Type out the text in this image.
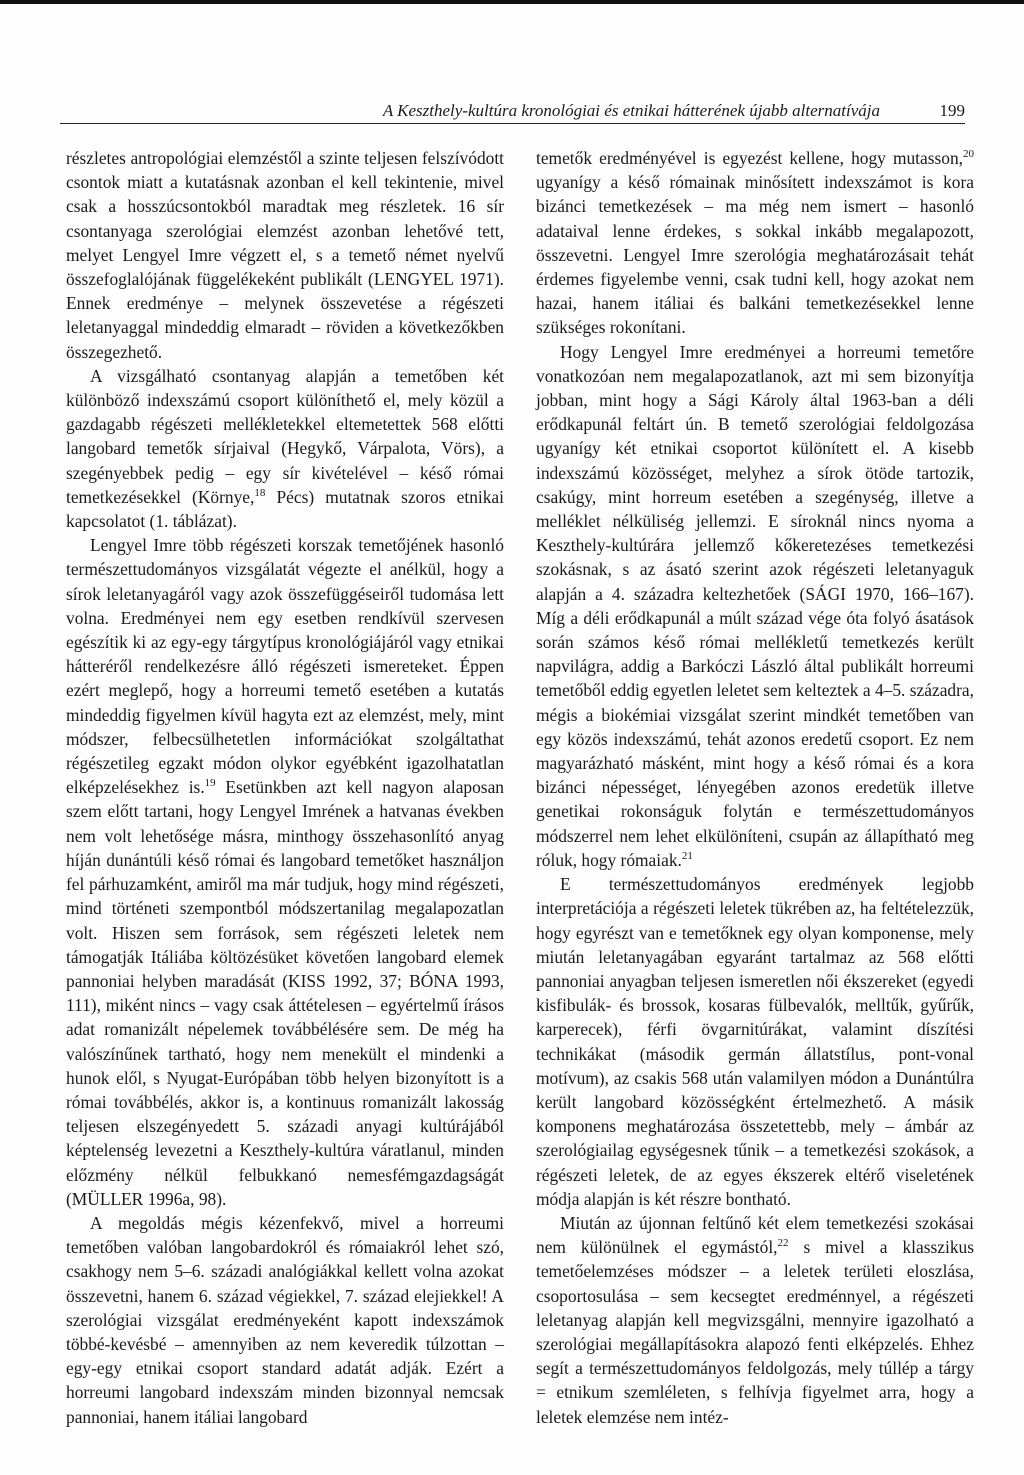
A Keszthely-kultúra kronológiai és etnikai hátterének újabb alternatívája	199

részletes antropológiai elemzéstől a szinte teljesen felszívódott csontok miatt a kutatásnak azonban el kell tekintenie, mivel csak a hosszúcsontokból maradtak meg részletek. 16 sír csontanyaga szerológiai elemzést azonban lehetővé tett, melyet Lengyel Imre végzett el, s a temető német nyelvű összefoglalójának függelékeként publikált (LENGYEL 1971). Ennek eredménye – melynek összevetése a régészeti leletanyaggal mindeddig elmaradt – röviden a következőkben összegezhető.

A vizsgálható csontanyag alapján a temetőben két különböző indexszámú csoport különíthető el, mely közül a gazdagabb régészeti mellékletekkel eltemetettek 568 előtti langobard temetők sírjaival (Hegykő, Várpalota, Vörs), a szegényebbek pedig – egy sír kivételével – késő római temetkezésekkel (Környe,$^{18}$ Pécs) mutatnak szoros etnikai kapcsolatot (1. táblázat).

Lengyel Imre több régészeti korszak temetőjének hasonló természettudományos vizsgálatát végezte el anélkül, hogy a sírok leletanyagáról vagy azok összefüggéseiről tudomása lett volna. Eredményei nem egy esetben rendkívül szervesen egészítik ki az egy-egy tárgytípus kronológiájáról vagy etnikai hátteréről rendelkezésre álló régészeti ismereteket. Éppen ezért meglepő, hogy a horreumi temető esetében a kutatás mindeddig figyelmen kívül hagyta ezt az elemzést, mely, mint módszer, felbecsülhetetlen információkat szolgáltathat régészetileg egzakt módon olykor egyébként igazolhatatlan elképzelésekhez is.$^{19}$ Esetünkben azt kell nagyon alaposan szem előtt tartani, hogy Lengyel Imrének a hatvanas években nem volt lehetősége másra, minthogy összehasonlító anyag híján dunántúli késő római és langobard temetőket használjon fel párhuzamként, amiről ma már tudjuk, hogy mind régészeti, mind történeti szempontból módszertanilag megalapozatlan volt. Hiszen sem források, sem régészeti leletek nem támogatják Itáliába költözésüket követően langobard elemek pannoniai helyben maradását (KISS 1992, 37; BÓNA 1993, 111), miként nincs – vagy csak áttételesen – egyértelmű írásos adat romanizált népelemek továbbélésére sem. De még ha valószínűnek tartható, hogy nem menekült el mindenki a hunok elől, s Nyugat-Európában több helyen bizonyított is a római továbbélés, akkor is, a kontinuus romanizált lakosság teljesen elszegényedett 5. századi anyagi kultúrájából képtelenség levezetni a Keszthely-kultúra váratlanul, minden előzmény nélkül felbukkanó nemesfémgazdagságát (MÜLLER 1996a, 98).

A megoldás mégis kézenfekvő, mivel a horreumi temetőben valóban langobardokról és rómaiakról lehet szó, csakhogy nem 5–6. századi analógiákkal kellett volna azokat összevetni, hanem 6. század végiekkel, 7. század elejiekkel! A szerológiai vizsgálat eredményeként kapott indexszámok többé-kevésbé – amennyiben az nem keveredik túlzottan – egy-egy etnikai csoport standard adatát adják. Ezért a horreumi langobard indexszám minden bizonnyal nemcsak pannoniai, hanem itáliai langobard

temetők eredményével is egyezést kellene, hogy mutasson,$^{20}$ ugyanígy a késő rómainak minősített indexszámot is kora bizánci temetkezések – ma még nem ismert – hasonló adataival lenne érdekes, s sokkal inkább megalapozott, összevetni. Lengyel Imre szerológia meghatározásait tehát érdemes figyelembe venni, csak tudni kell, hogy azokat nem hazai, hanem itáliai és balkáni temetkezésekkel lenne szükséges rokonítani.

Hogy Lengyel Imre eredményei a horreumi temetőre vonatkozóan nem megalapozatlanok, azt mi sem bizonyítja jobban, mint hogy a Sági Károly által 1963-ban a déli erődkapunál feltárt ún. B temető szerológiai feldolgozása ugyanígy két etnikai csoportot különített el. A kisebb indexszámú közösséget, melyhez a sírok ötöde tartozik, csakúgy, mint horreum esetében a szegénység, illetve a melléklet nélküliség jellemzi. E síroknál nincs nyoma a Keszthely-kultúrára jellemző kőkeretezéses temetkezési szokásnak, s az ásató szerint azok régészeti leletanyaguk alapján a 4. századra keltezhetőek (SÁGI 1970, 166–167). Míg a déli erődkapunál a múlt század vége óta folyó ásatások során számos késő római mellékletű temetkezés került napvilágra, addig a Barkóczi László által publikált horreumi temetőből eddig egyetlen leletet sem kelteztek a 4–5. századra, mégis a biokémiai vizsgálat szerint mindkét temetőben van egy közös indexszámú, tehát azonos eredetű csoport. Ez nem magyarázható másként, mint hogy a késő római és a kora bizánci népességet, lényegében azonos eredetük illetve genetikai rokonságuk folytán e természettudományos módszerrel nem lehet elkülöníteni, csupán az állapítható meg róluk, hogy rómaiak.$^{21}$

E természettudományos eredmények legjobb interpretációja a régészeti leletek tükrében az, ha feltételezzük, hogy egyrészt van e temetőknek egy olyan komponense, mely miután leletanyagában egyaránt tartalmaz az 568 előtti pannoniai anyagban teljesen ismeretlen női ékszereket (egyedi kisfibulák- és brossok, kosaras fülbevalók, melltűk, gyűrűk, karperecek), férfi övgarnitúrákat, valamint díszítési technikákat (második germán állatstílus, pont-vonal motívum), az csakis 568 után valamilyen módon a Dunántúlra került langobard közösségként értelmezhető. A másik komponens meghatározása összetettebb, mely – ámbár az szerológiailag egységesnek tűnik – a temetkezési szokások, a régészeti leletek, de az egyes ékszerek eltérő viseletének módja alapján is két részre bontható.

Miután az újonnan feltűnő két elem temetkezési szokásai nem különülnek el egymástól,$^{22}$ s mivel a klasszikus temetőelemzéses módszer – a leletek területi eloszlása, csoportosulása – sem kecsegtet eredménnyel, a régészeti leletanyag alapján kell megvizsgálni, mennyire igazolható a szerológiai megállapításokra alapozó fenti elképzelés. Ehhez segít a természettudományos feldolgozás, mely túllép a tárgy = etnikum szemléleten, s felhívja figyelmet arra, hogy a leletek elemzése nem intéz-
